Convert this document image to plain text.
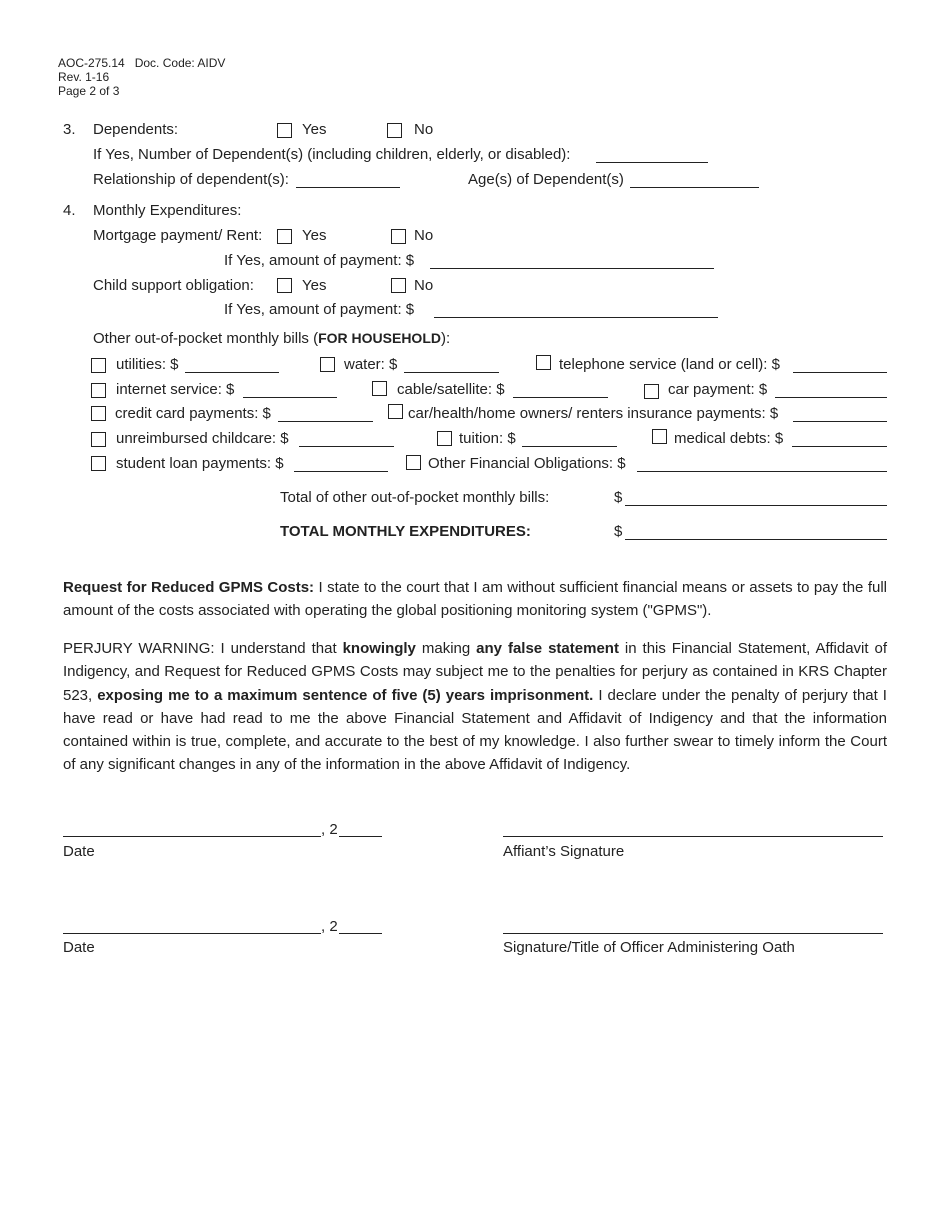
AOC-275.14 Doc. Code: AIDV
Rev. 1-16
Page 2 of 3
3. Dependents:	Yes	No
If Yes, Number of Dependent(s) (including children, elderly, or disabled):
Relationship of dependent(s):	Age(s) of Dependent(s)
4. Monthly Expenditures:
Mortgage payment/ Rent:	Yes	No
If Yes, amount of payment: $
Child support obligation:	Yes	No
If Yes, amount of payment: $
Other out-of-pocket monthly bills (FOR HOUSEHOLD):
utilities: $	water: $	telephone service (land or cell): $
internet service: $	cable/satellite: $	car payment: $
credit card payments: $	car/health/home owners/ renters insurance payments: $
unreimbursed childcare: $	tuition: $	medical debts: $
student loan payments: $	Other Financial Obligations: $
Total of other out-of-pocket monthly bills:	$
TOTAL MONTHLY EXPENDITURES:	$
Request for Reduced GPMS Costs: I state to the court that I am without sufficient financial means or assets to pay the full amount of the costs associated with operating the global positioning monitoring system ("GPMS").
PERJURY WARNING: I understand that knowingly making any false statement in this Financial Statement, Affidavit of Indigency, and Request for Reduced GPMS Costs may subject me to the penalties for perjury as contained in KRS Chapter 523, exposing me to a maximum sentence of five (5) years imprisonment. I declare under the penalty of perjury that I have read or have had read to me the above Financial Statement and Affidavit of Indigency and that the information contained within is true, complete, and accurate to the best of my knowledge. I also further swear to timely inform the Court of any significant changes in any of the information in the above Affidavit of Indigency.
, 2
Date	Affiant’s Signature
, 2
Date	Signature/Title of Officer Administering Oath
